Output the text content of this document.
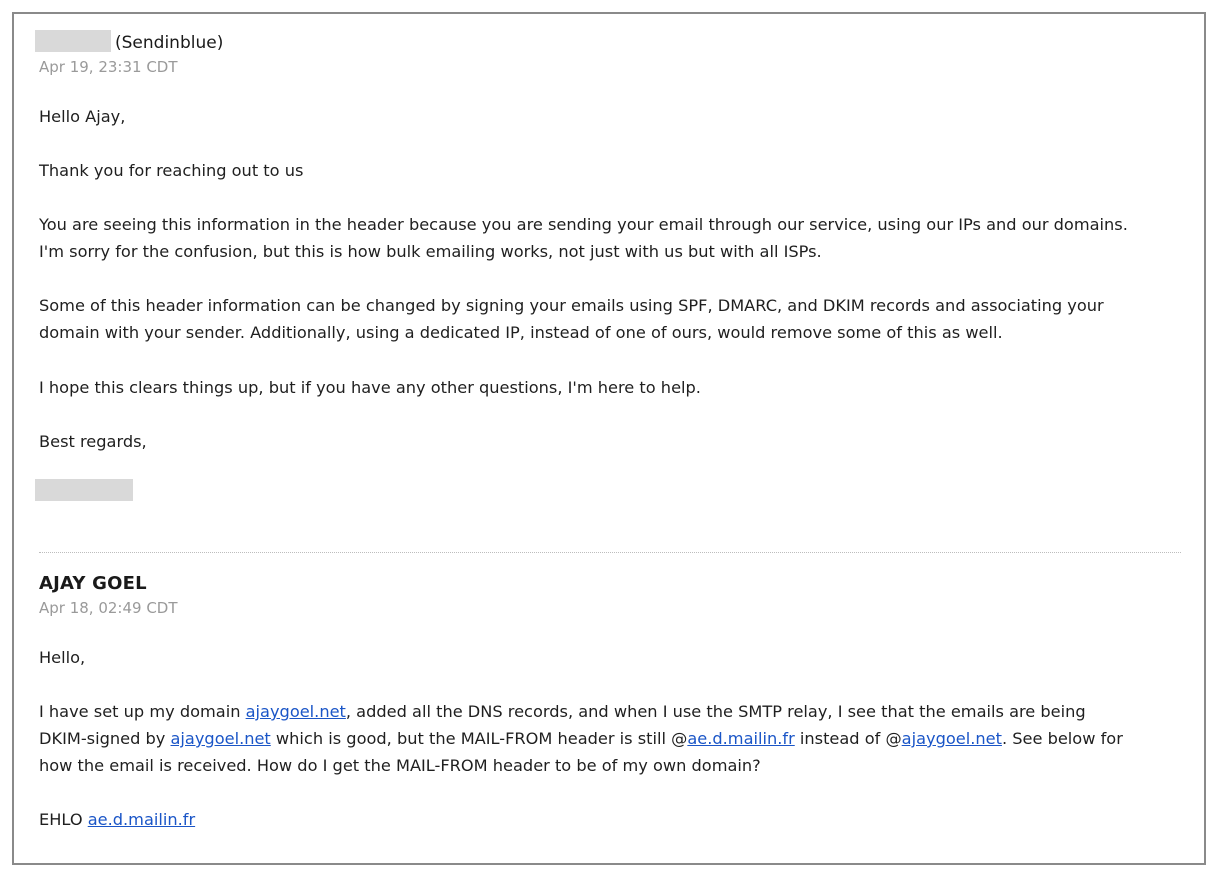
(Sendinblue)
Apr 19, 23:31 CDT

Hello Ajay,

Thank you for reaching out to us

You are seeing this information in the header because you are sending your email through our service, using our IPs and our domains.

I'm sorry for the confusion, but this is how bulk emailing works, not just with us but with all ISPs.

Some of this header information can be changed by signing your emails using SPF, DMARC, and DKIM records and associating your

domain with your sender. Additionally, using a dedicated IP, instead of one of ours, would remove some of this as well.

I hope this clears things up, but if you have any other questions, I'm here to help.

Best regards,

AJAY GOEL
Apr 18, 02:49 CDT

Hello,

I have set up my domain ajaygoel.net, added all the DNS records, and when I use the SMTP relay, I see that the emails are being

DKIM-signed by ajaygoel.net which is good, but the MAIL-FROM header is still @ae.d.mailin.fr instead of @ajaygoel.net. See below for

how the email is received. How do I get the MAIL-FROM header to be of my own domain?

EHLO ae.d.mailin.fr
